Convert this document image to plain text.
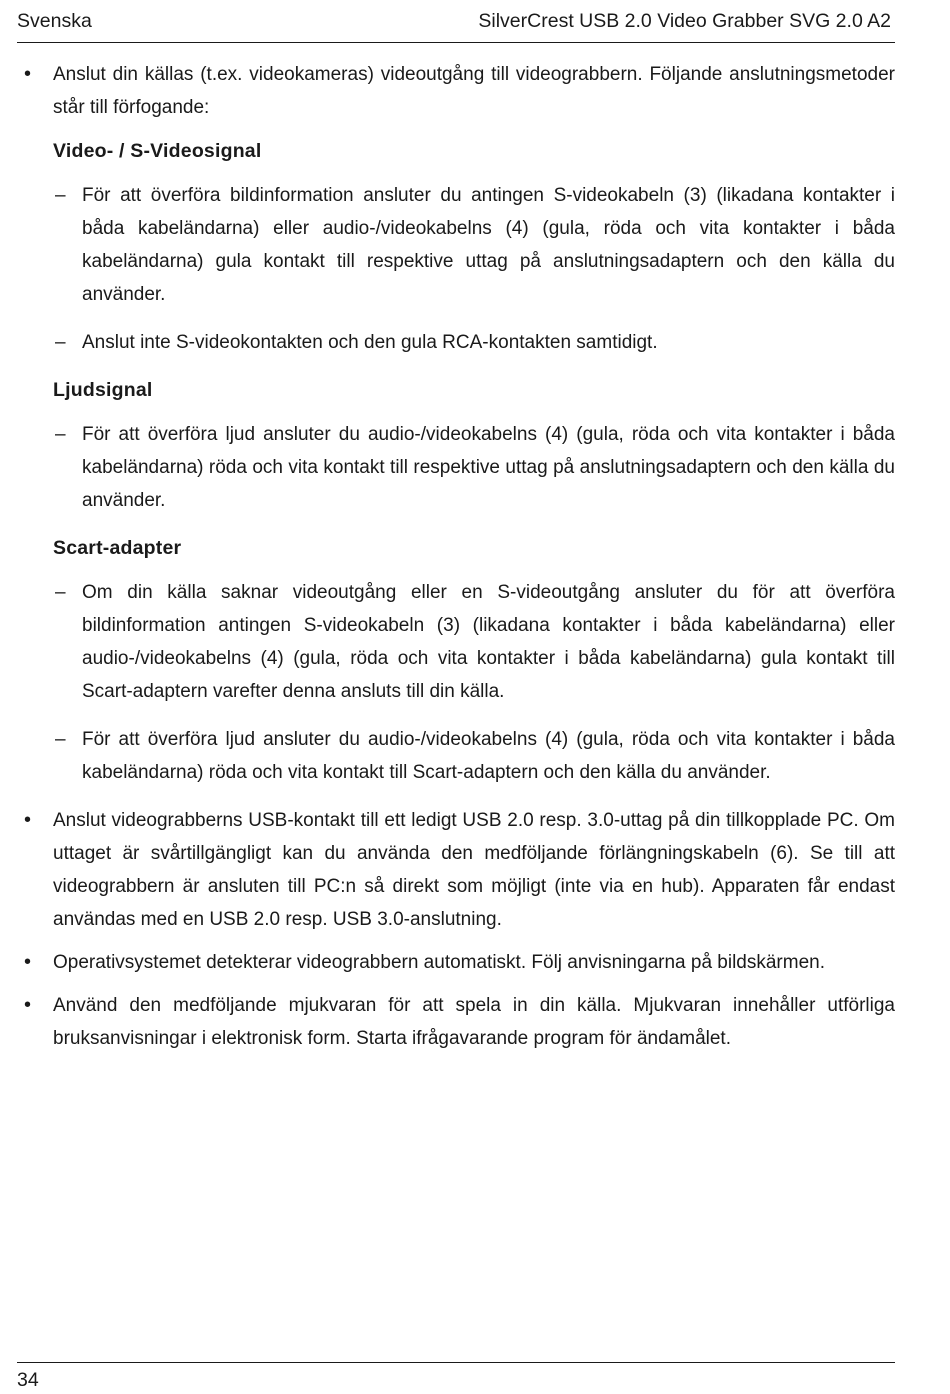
Svenska	SilverCrest USB 2.0 Video Grabber SVG 2.0 A2
• Anslut din källas (t.ex. videokameras) videoutgång till videograbbern. Följande anslutningsmetoder står till förfogande:
Video- / S-Videosignal
– För att överföra bildinformation ansluter du antingen S-videokabeln (3) (likadana kontakter i båda kabeländarna) eller audio-/videokabelns (4) (gula, röda och vita kontakter i båda kabeländarna) gula kontakt till respektive uttag på anslutningsadaptern och den källa du använder.
– Anslut inte S-videokontakten och den gula RCA-kontakten samtidigt.
Ljudsignal
– För att överföra ljud ansluter du audio-/videokabelns (4) (gula, röda och vita kontakter i båda kabeländarna) röda och vita kontakt till respektive uttag på anslutningsadaptern och den källa du använder.
Scart-adapter
– Om din källa saknar videoutgång eller en S-videoutgång ansluter du för att överföra bildinformation antingen S-videokabeln (3) (likadana kontakter i båda kabeländarna) eller audio-/videokabelns (4) (gula, röda och vita kontakter i båda kabeländarna) gula kontakt till Scart-adaptern varefter denna ansluts till din källa.
– För att överföra ljud ansluter du audio-/videokabelns (4) (gula, röda och vita kontakter i båda kabeländarna) röda och vita kontakt till Scart-adaptern och den källa du använder.
• Anslut videograbberns USB-kontakt till ett ledigt USB 2.0 resp. 3.0-uttag på din tillkopplade PC. Om uttaget är svårtillgängligt kan du använda den medföljande förlängningskabeln (6). Se till att videograbbern är ansluten till PC:n så direkt som möjligt (inte via en hub). Apparaten får endast användas med en USB 2.0 resp. USB 3.0-anslutning.
• Operativsystemet detekterar videograbbern automatiskt. Följ anvisningarna på bildskärmen.
• Använd den medföljande mjukvaran för att spela in din källa. Mjukvaran innehåller utförliga bruksanvisningar i elektronisk form. Starta ifrågavarande program för ändamålet.
34
